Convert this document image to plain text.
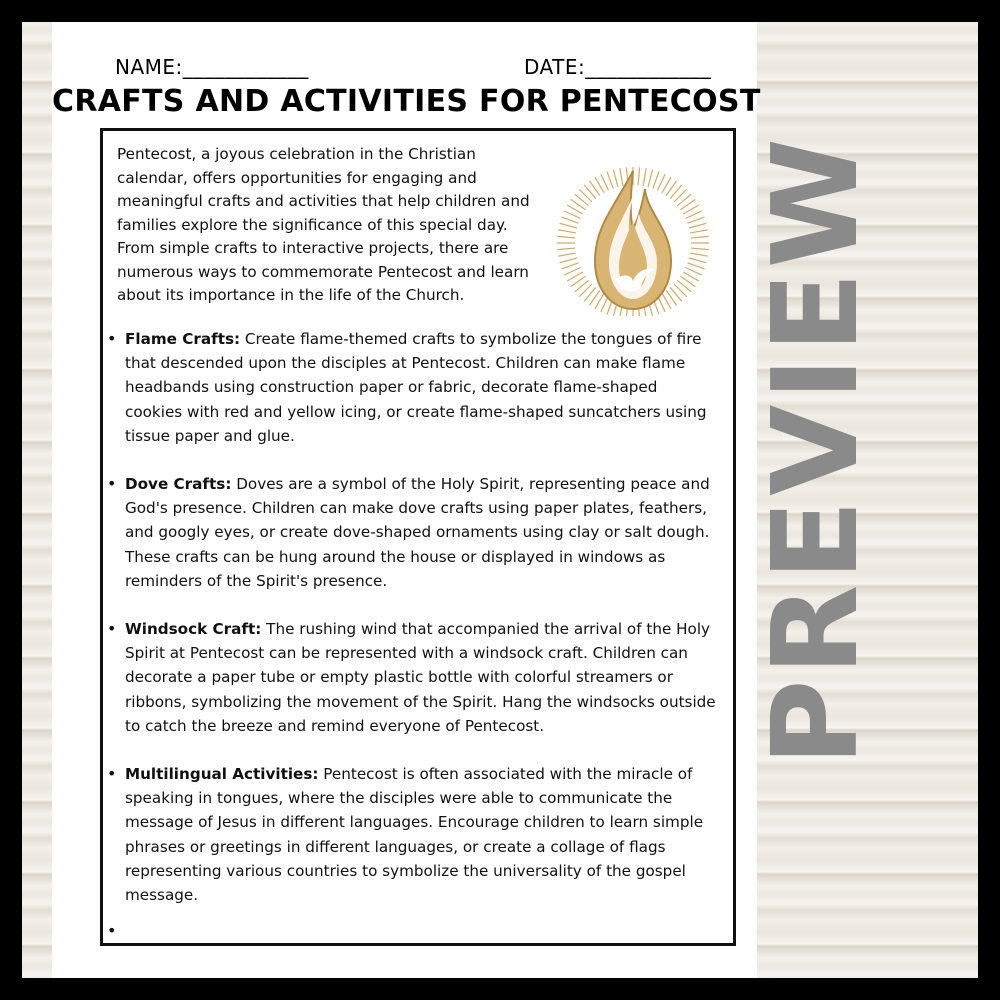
NAME:____________	DATE:____________
CRAFTS AND ACTIVITIES FOR PENTECOST
Pentecost, a joyous celebration in the Christian calendar, offers opportunities for engaging and meaningful crafts and activities that help children and families explore the significance of this special day. From simple crafts to interactive projects, there are numerous ways to commemorate Pentecost and learn about its importance in the life of the Church.
• Flame Crafts: Create flame-themed crafts to symbolize the tongues of fire that descended upon the disciples at Pentecost. Children can make flame headbands using construction paper or fabric, decorate flame-shaped cookies with red and yellow icing, or create flame-shaped suncatchers using tissue paper and glue.
• Dove Crafts: Doves are a symbol of the Holy Spirit, representing peace and God's presence. Children can make dove crafts using paper plates, feathers, and googly eyes, or create dove-shaped ornaments using clay or salt dough. These crafts can be hung around the house or displayed in windows as reminders of the Spirit's presence.
• Windsock Craft: The rushing wind that accompanied the arrival of the Holy Spirit at Pentecost can be represented with a windsock craft. Children can decorate a paper tube or empty plastic bottle with colorful streamers or ribbons, symbolizing the movement of the Spirit. Hang the windsocks outside to catch the breeze and remind everyone of Pentecost.
• Multilingual Activities: Pentecost is often associated with the miracle of speaking in tongues, where the disciples were able to communicate the message of Jesus in different languages. Encourage children to learn simple phrases or greetings in different languages, or create a collage of flags representing various countries to symbolize the universality of the gospel message.
•
PREVIEW
